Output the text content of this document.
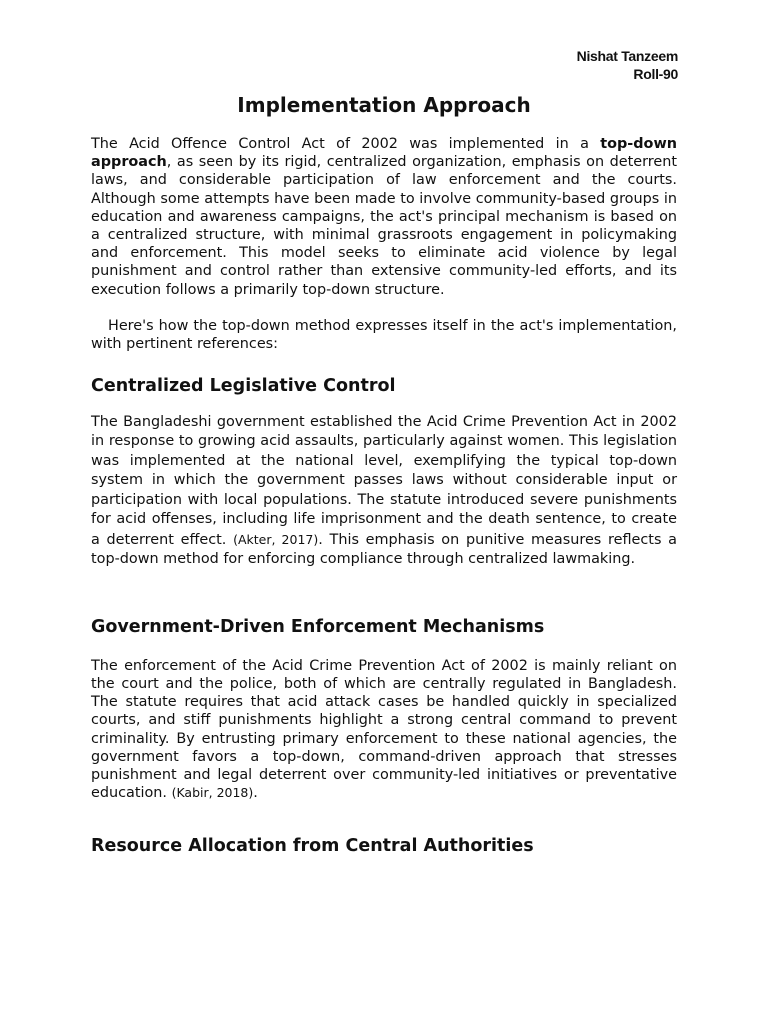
Nishat Tanzeem
Roll-90
Implementation Approach

The Acid Offence Control Act of 2002 was implemented in a top-down approach, as seen by its rigid, centralized organization, emphasis on deterrent laws, and considerable participation of law enforcement and the courts. Although some attempts have been made to involve community-based groups in education and awareness campaigns, the act's principal mechanism is based on a centralized structure, with minimal grassroots engagement in policymaking and enforcement. This model seeks to eliminate acid violence by legal punishment and control rather than extensive community-led efforts, and its execution follows a primarily top-down structure.

Here's how the top-down method expresses itself in the act's implementation, with pertinent references:

Centralized Legislative Control

The Bangladeshi government established the Acid Crime Prevention Act in 2002 in response to growing acid assaults, particularly against women. This legislation was implemented at the national level, exemplifying the typical top-down system in which the government passes laws without considerable input or participation with local populations. The statute introduced severe punishments for acid offenses, including life imprisonment and the death sentence, to create a deterrent effect. (Akter, 2017). This emphasis on punitive measures reflects a top-down method for enforcing compliance through centralized lawmaking.

Government-Driven Enforcement Mechanisms

The enforcement of the Acid Crime Prevention Act of 2002 is mainly reliant on the court and the police, both of which are centrally regulated in Bangladesh. The statute requires that acid attack cases be handled quickly in specialized courts, and stiff punishments highlight a strong central command to prevent criminality. By entrusting primary enforcement to these national agencies, the government favors a top-down, command-driven approach that stresses punishment and legal deterrent over community-led initiatives or preventative education. (Kabir, 2018).

Resource Allocation from Central Authorities
